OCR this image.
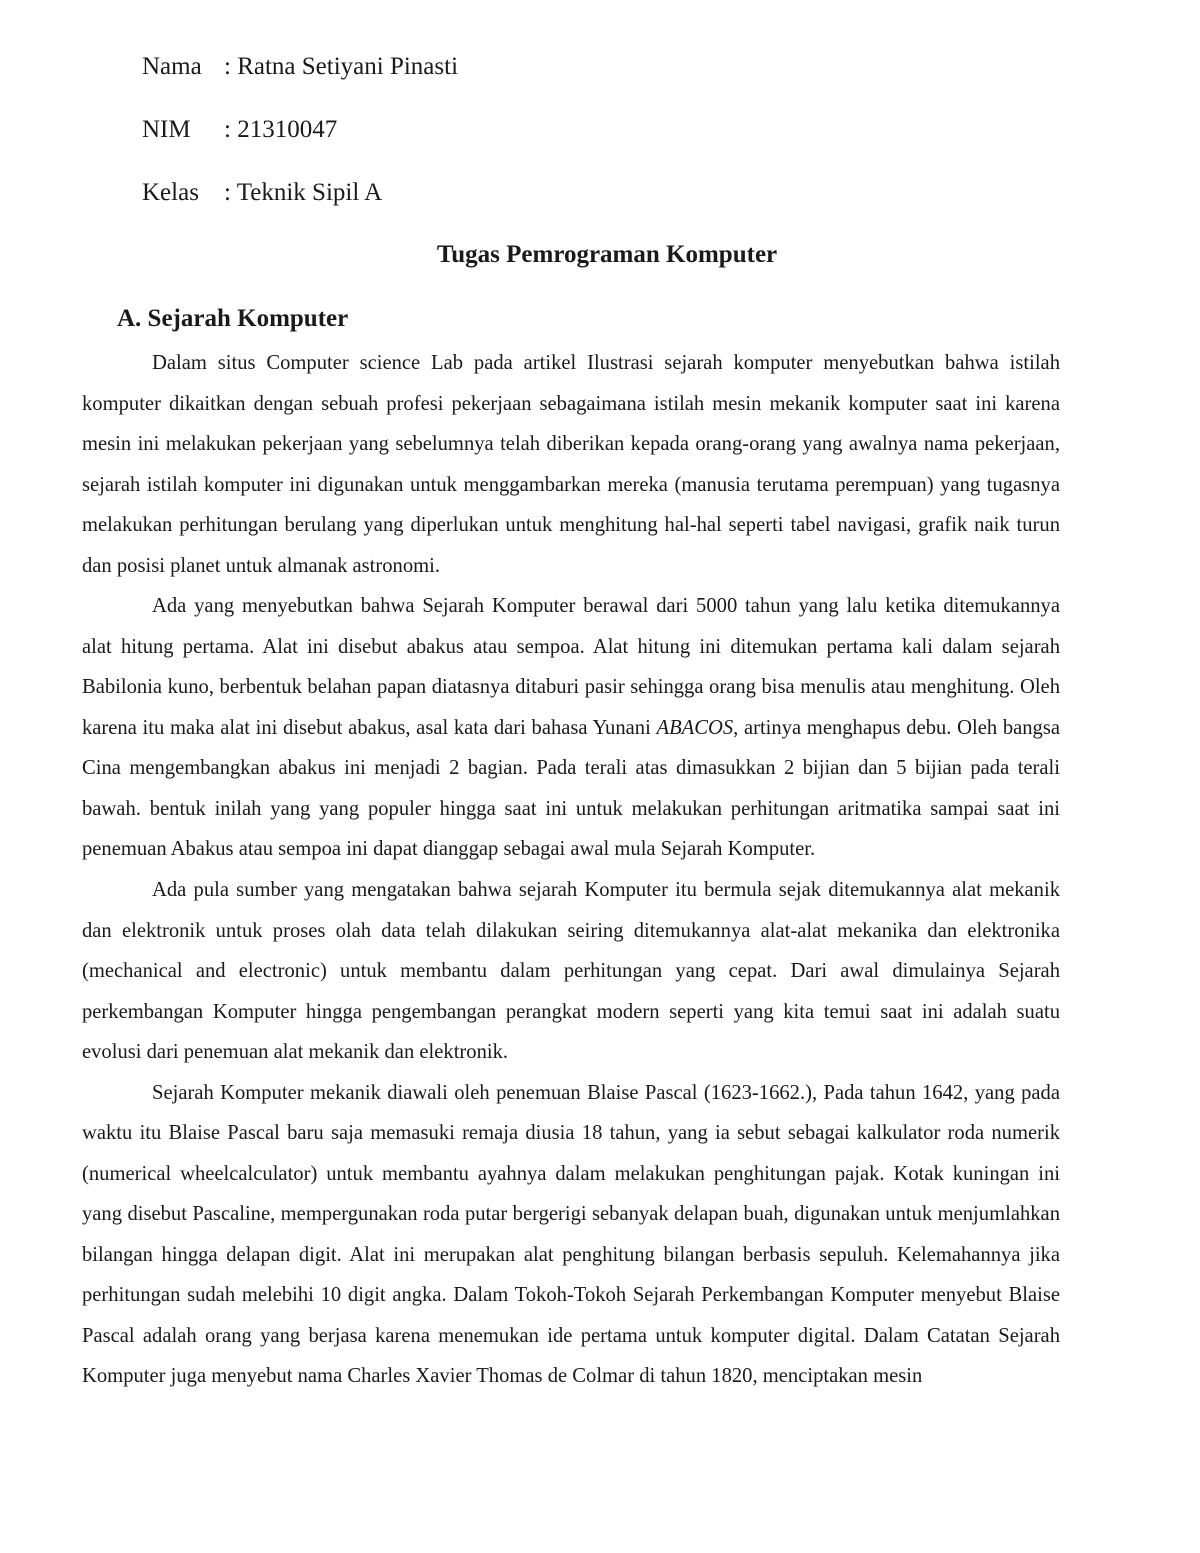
Nama : Ratna Setiyani Pinasti
NIM : 21310047
Kelas : Teknik Sipil A
Tugas Pemrograman Komputer
A. Sejarah Komputer

Dalam situs Computer science Lab pada artikel Ilustrasi sejarah komputer menyebutkan bahwa istilah komputer dikaitkan dengan sebuah profesi pekerjaan sebagaimana istilah mesin mekanik komputer saat ini karena mesin ini melakukan pekerjaan yang sebelumnya telah diberikan kepada orang-orang yang awalnya nama pekerjaan, sejarah istilah komputer ini digunakan untuk menggambarkan mereka (manusia terutama perempuan) yang tugasnya melakukan perhitungan berulang yang diperlukan untuk menghitung hal-hal seperti tabel navigasi, grafik naik turun dan posisi planet untuk almanak astronomi.

Ada yang menyebutkan bahwa Sejarah Komputer berawal dari 5000 tahun yang lalu ketika ditemukannya alat hitung pertama. Alat ini disebut abakus atau sempoa. Alat hitung ini ditemukan pertama kali dalam sejarah Babilonia kuno, berbentuk belahan papan diatasnya ditaburi pasir sehingga orang bisa menulis atau menghitung. Oleh karena itu maka alat ini disebut abakus, asal kata dari bahasa Yunani ABACOS, artinya menghapus debu. Oleh bangsa Cina mengembangkan abakus ini menjadi 2 bagian. Pada terali atas dimasukkan 2 bijian dan 5 bijian pada terali bawah. bentuk inilah yang yang populer hingga saat ini untuk melakukan perhitungan aritmatika sampai saat ini penemuan Abakus atau sempoa ini dapat dianggap sebagai awal mula Sejarah Komputer.

Ada pula sumber yang mengatakan bahwa sejarah Komputer itu bermula sejak ditemukannya alat mekanik dan elektronik untuk proses olah data telah dilakukan seiring ditemukannya alat-alat mekanika dan elektronika (mechanical and electronic) untuk membantu dalam perhitungan yang cepat. Dari awal dimulainya Sejarah perkembangan Komputer hingga pengembangan perangkat modern seperti yang kita temui saat ini adalah suatu evolusi dari penemuan alat mekanik dan elektronik.

Sejarah Komputer mekanik diawali oleh penemuan Blaise Pascal (1623-1662.), Pada tahun 1642, yang pada waktu itu Blaise Pascal baru saja memasuki remaja diusia 18 tahun, yang ia sebut sebagai kalkulator roda numerik (numerical wheelcalculator) untuk membantu ayahnya dalam melakukan penghitungan pajak. Kotak kuningan ini yang disebut Pascaline, mempergunakan roda putar bergerigi sebanyak delapan buah, digunakan untuk menjumlahkan bilangan hingga delapan digit. Alat ini merupakan alat penghitung bilangan berbasis sepuluh. Kelemahannya jika perhitungan sudah melebihi 10 digit angka. Dalam Tokoh-Tokoh Sejarah Perkembangan Komputer menyebut Blaise Pascal adalah orang yang berjasa karena menemukan ide pertama untuk komputer digital. Dalam Catatan Sejarah Komputer juga menyebut nama Charles Xavier Thomas de Colmar di tahun 1820, menciptakan mesin
